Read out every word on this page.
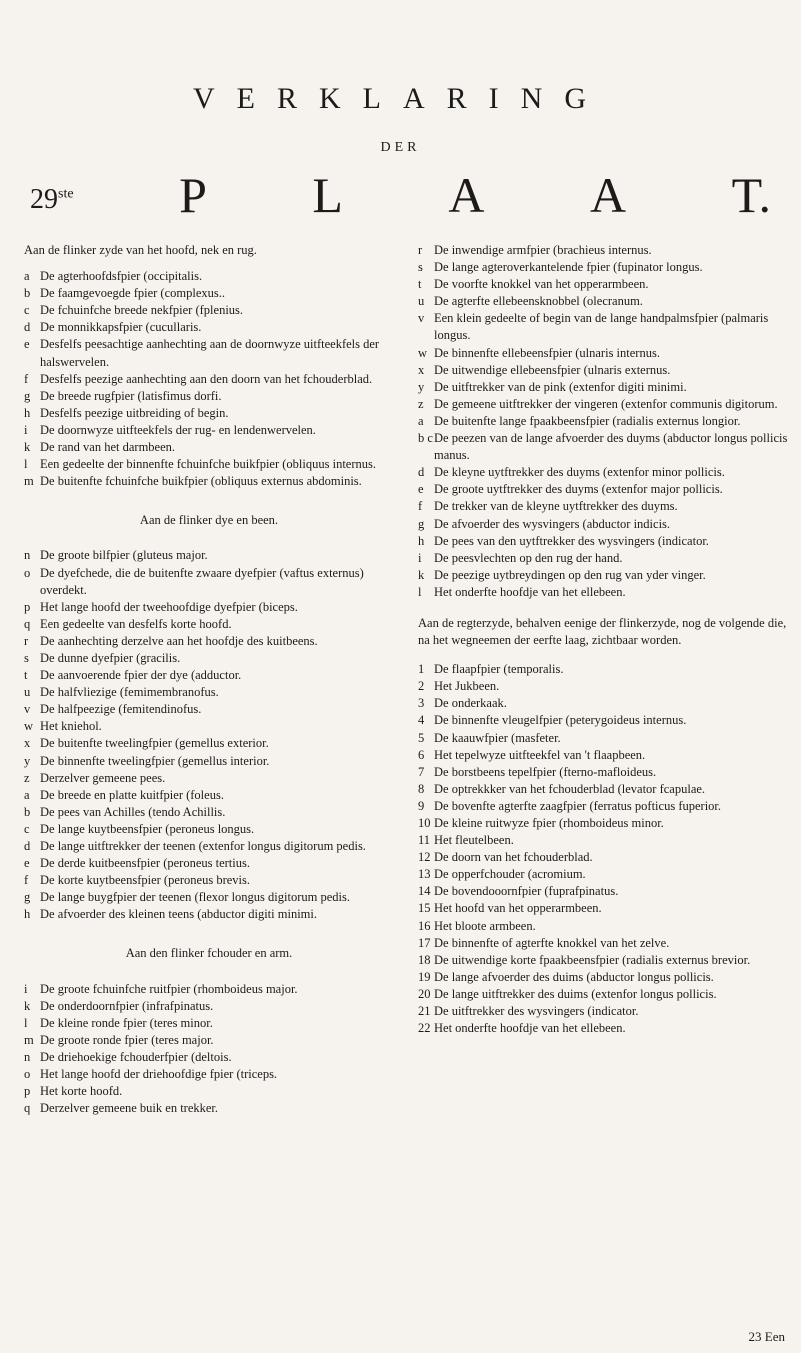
VERKLARING
DER
29ste P L A A T.
Aan de flinker zyde van het hoofd, nek en rug.
a De agterhoofdsfpier (occipitalis.
b De faamgevoegde fpier (complexus..
c De fchuinfche breede nekfpier (fplenius.
d De monnikkapsfpier (cucullaris.
e Desfelfs peesachtige aanhechting aan de doornwyze uitfteekfels der halswervelen.
f Desfelfs peezige aanhechting aan den doorn van het fchouderblad.
g De breede rugfpier (latisfimus dorfi.
h Desfelfs peezige uitbreiding of begin.
i	De doornwyze uitfteekfels der rug- en lendenwervelen.
k De rand van het darmbeen.
l	Een gedeelte der binnenfte fchuinfche buikfpier (obliquus internus.
m De buitenfte fchuinfche buikfpier (obliquus externus abdominis.
Aan de flinker dye en been.
n De groote bilfpier (gluteus major.
o De dyefchede, die de buitenfte zwaare dyefpier (vaftus externus) overdekt.
p Het lange hoofd der tweehoofdige dyefpier (biceps.
q Een gedeelte van desfelfs korte hoofd.
r De aanhechting derzelve aan het hoofdje des kuitbeens.
s De dunne dyefpier (gracilis.
t	De aanvoerende fpier der dye (adductor.
u De halfvliezige (femimembranofus.
v De halfpeezige (femitendinofus.
w Het kniehol.
x De buitenfte tweelingfpier (gemellus exterior.
y De binnenfte tweelingfpier (gemellus interior.
z Derzelver gemeene pees.
a De breede en platte kuitfpier (foleus.
b De pees van Achilles (tendo Achillis.
c De lange kuytbeensfpier (peroneus longus.
d De lange uitftrekker der teenen (extenfor longus digitorum pedis.
e De derde kuitbeensfpier (peroneus tertius.
f De korte kuytbeensfpier (peroneus brevis.
g De lange buygfpier der teenen (flexor longus digitorum pedis.
h De afvoerder des kleinen teens (abductor digiti minimi.
Aan den flinker fchouder en arm.
i	De groote fchuinfche ruitfpier (rhomboideus major.
k De onderdoornfpier (infrafpinatus.
l	De kleine ronde fpier (teres minor.
m De groote ronde fpier (teres major.
n De driehoekige fchouderfpier (deltois.
o Het lange hoofd der driehoofdige fpier (triceps.
p Het korte hoofd.
q Derzelver gemeene buik en trekker.
r De inwendige armfpier (brachieus internus.
s De lange agteroverkantelende fpier (fupinator longus.
t	De voorfte knokkel van het opperarmbeen.
u De agterfte ellebeensknobbel (olecranum.
v Een klein gedeelte of begin van de lange handpalmsfpier (palmaris longus.
w De binnenfte ellebeensfpier (ulnaris internus.
x De uitwendige ellebeensfpier (ulnaris externus.
y De uitftrekker van de pink (extenfor digiti minimi.
z De gemeene uitftrekker der vingeren (extenfor communis digitorum.
a De buitenfte lange fpaakbeensfpier (radialis externus longior.
b c De peezen van de lange afvoerder des duyms (abductor longus pollicis manus.
d De kleyne uytftrekker des duyms (extenfor minor pollicis.
e De groote uytftrekker des duyms (extenfor major pollicis.
f De trekker van de kleyne uytftrekker des duyms.
g De afvoerder des wysvingers (abductor indicis.
h De pees van den uytftrekker des wysvingers (indicator.
i	De peesvlechten op den rug der hand.
k De peezige uytbreydingen op den rug van yder vinger.
l	Het onderfte hoofdje van het ellebeen.
Aan de regterzyde, behalven eenige der flinkerzyde, nog de volgende die, na het wegneemen der eerfte laag, zichtbaar worden.
1 De flaapfpier (temporalis.
2 Het Jukbeen.
3 De onderkaak.
4 De binnenfte vleugelfpier (peterygoideus internus.
5 De kaauwfpier (masfeter.
6 Het tepelwyze uitfteekfel van 't flaapbeen.
7 De borstbeens tepelfpier (fterno-mafloideus.
8 De optrekkker van het fchouderblad (levator fcapulae.
9 De bovenfte agterfte zaagfpier (ferratus pofticus fuperior.
10 De kleine ruitwyze fpier (rhomboideus minor.
11 Het fleutelbeen.
12 De doorn van het fchouderblad.
13 De opperfchouder (acromium.
14 De bovendooornfpier (fuprafpinatus.
15 Het hoofd van het opperarmbeen.
16 Het bloote armbeen.
17 De binnenfte of agterfte knokkel van het zelve.
18 De uitwendige korte fpaakbeensfpier (radialis externus brevior.
19 De lange afvoerder des duims (abductor longus pollicis.
20 De lange uitftrekker des duims (extenfor longus pollicis.
21 De uitftrekker des wysvingers (indicator.
22 Het onderfte hoofdje van het ellebeen.
23 Een
